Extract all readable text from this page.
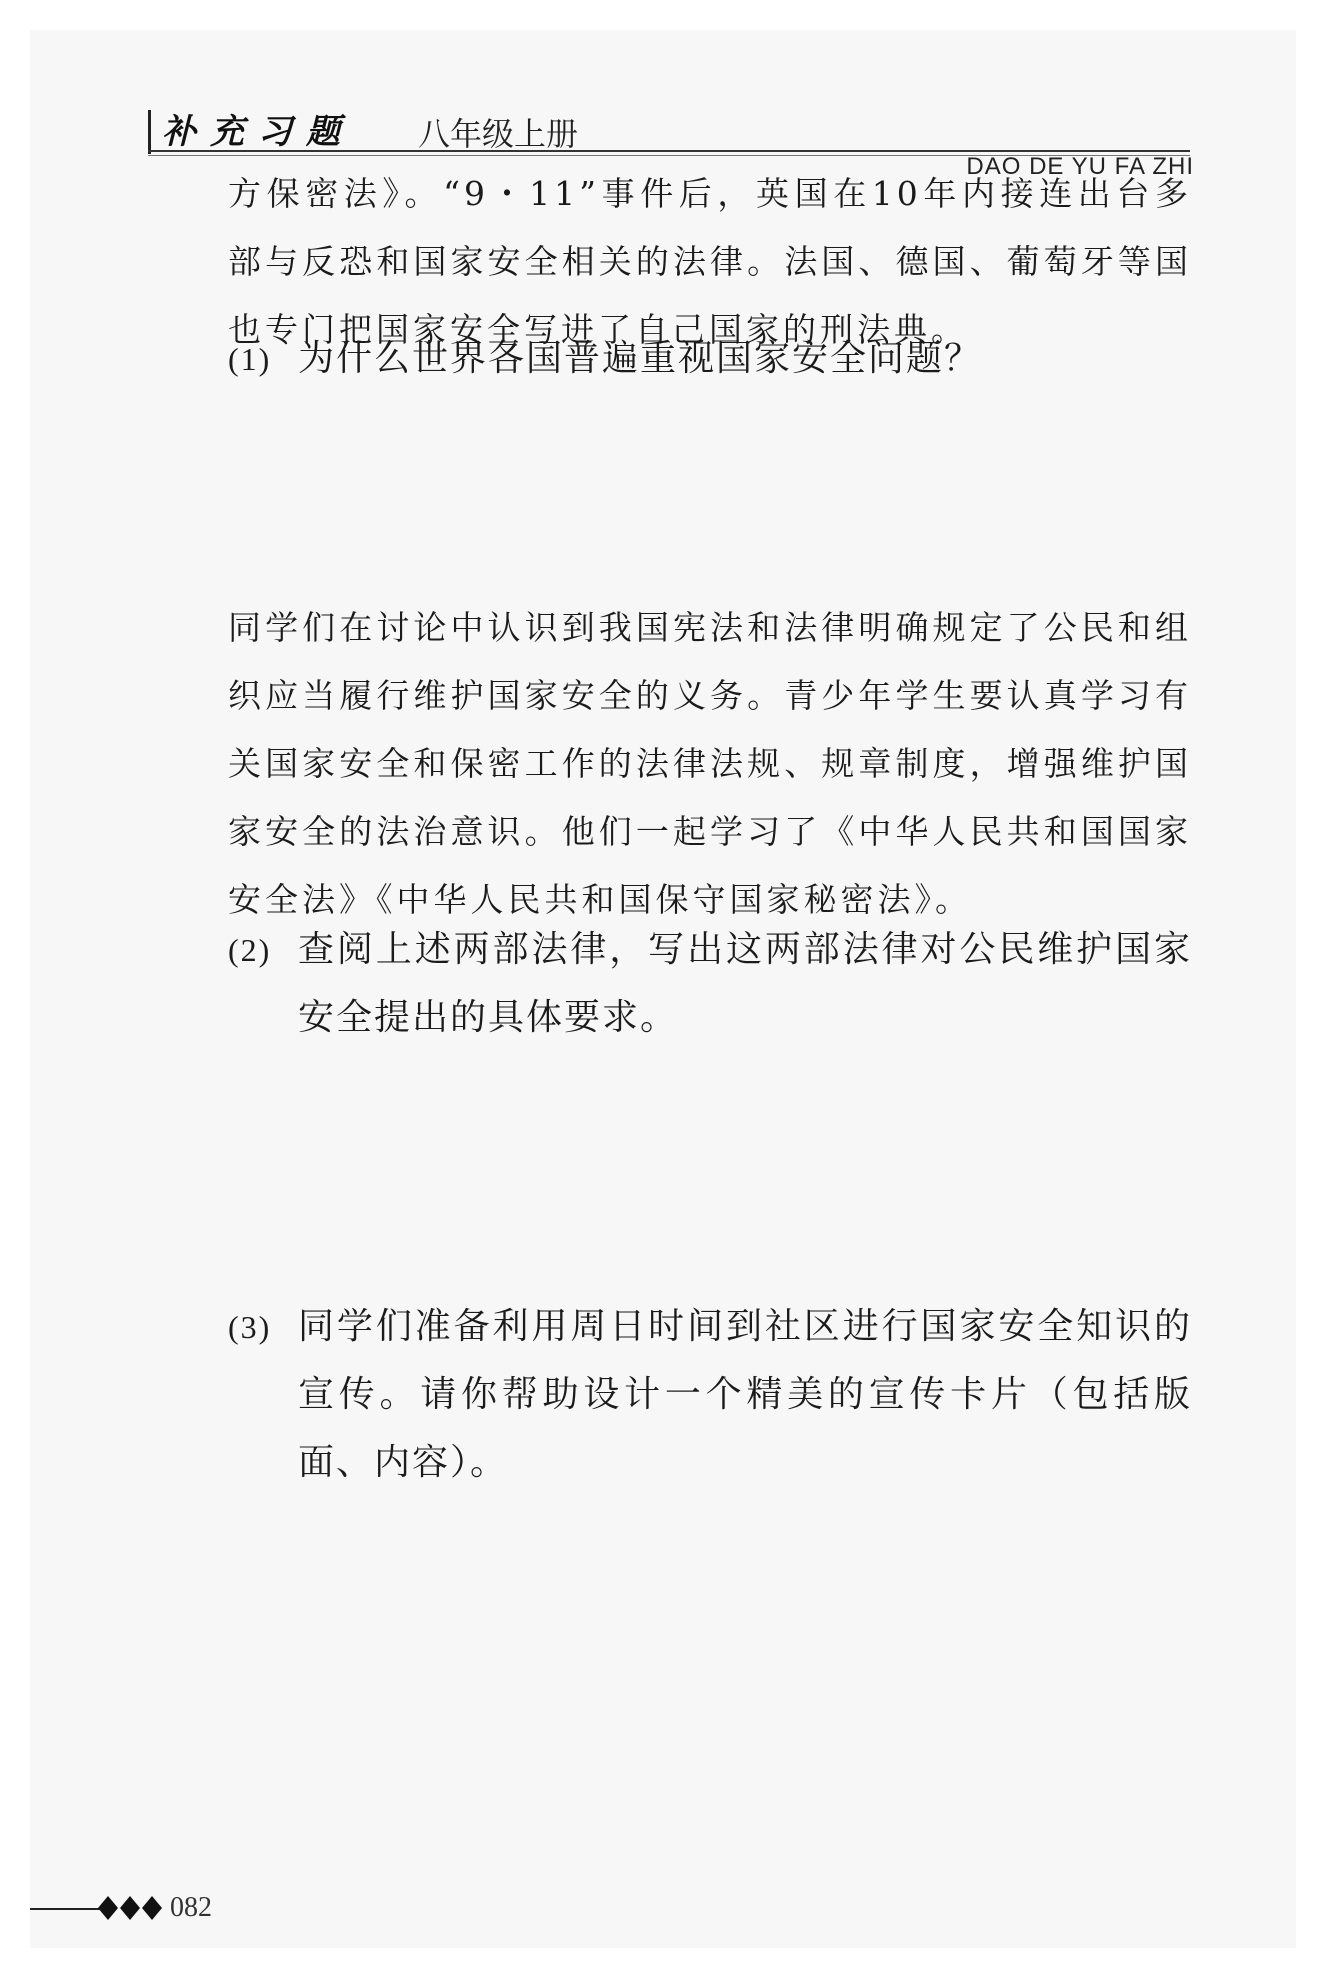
补充习题 八年级上册
DAO DE YU FA ZHI
方保密法》。“9・11”事件后，英国在10年内接连出台多部与反恐和国家安全相关的法律。法国、德国、葡萄牙等国也专门把国家安全写进了自己国家的刑法典。
(1) 为什么世界各国普遍重视国家安全问题？
同学们在讨论中认识到我国宪法和法律明确规定了公民和组织应当履行维护国家安全的义务。青少年学生要认真学习有关国家安全和保密工作的法律法规、规章制度，增强维护国家安全的法治意识。他们一起学习了《中华人民共和国国家安全法》《中华人民共和国保守国家秘密法》。
(2) 查阅上述两部法律，写出这两部法律对公民维护国家安全提出的具体要求。
(3) 同学们准备利用周日时间到社区进行国家安全知识的宣传。请你帮助设计一个精美的宣传卡片（包括版面、内容）。
082
